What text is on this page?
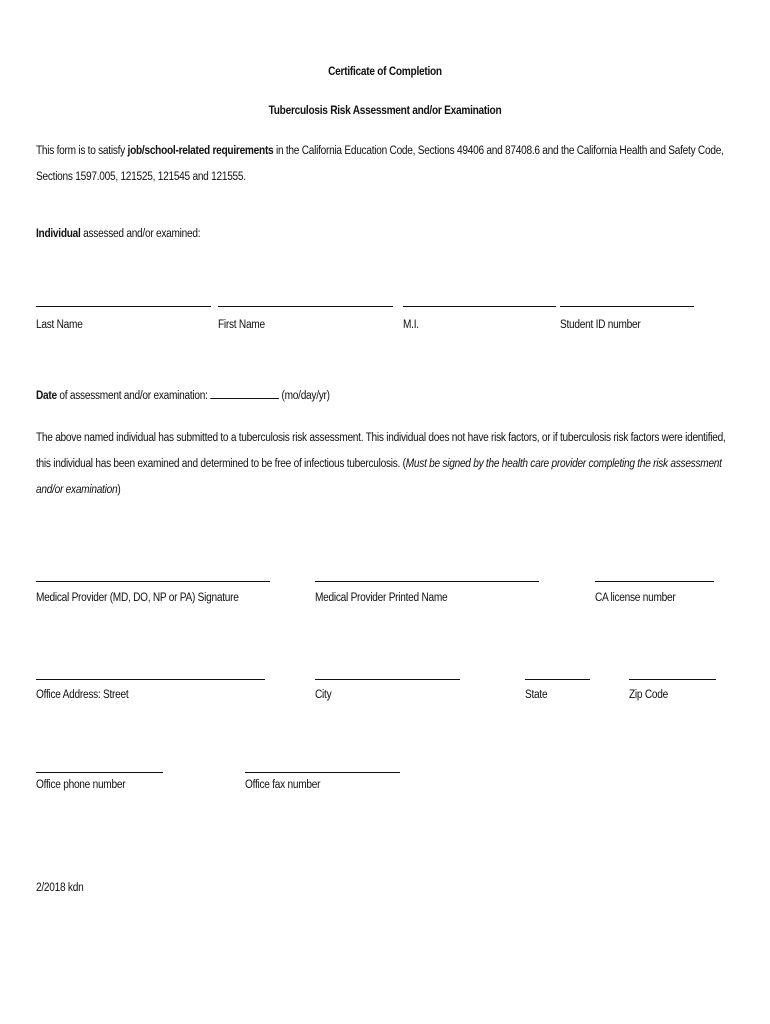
Certificate of Completion
Tuberculosis Risk Assessment and/or Examination
This form is to satisfy job/school-related requirements in the California Education Code, Sections 49406 and 87408.6 and the California Health and Safety Code, Sections 1597.005, 121525, 121545 and 121555.
Individual assessed and/or examined:
Last Name	First Name	M.I.	Student ID number
Date of assessment and/or examination:	(mo/day/yr)
The above named individual has submitted to a tuberculosis risk assessment. This individual does not have risk factors, or if tuberculosis risk factors were identified, this individual has been examined and determined to be free of infectious tuberculosis. (Must be signed by the health care provider completing the risk assessment and/or examination)
Medical Provider (MD, DO, NP or PA) Signature	Medical Provider Printed Name	CA license number
Office Address: Street	City	State	Zip Code
Office phone number	Office fax number
2/2018 kdn
